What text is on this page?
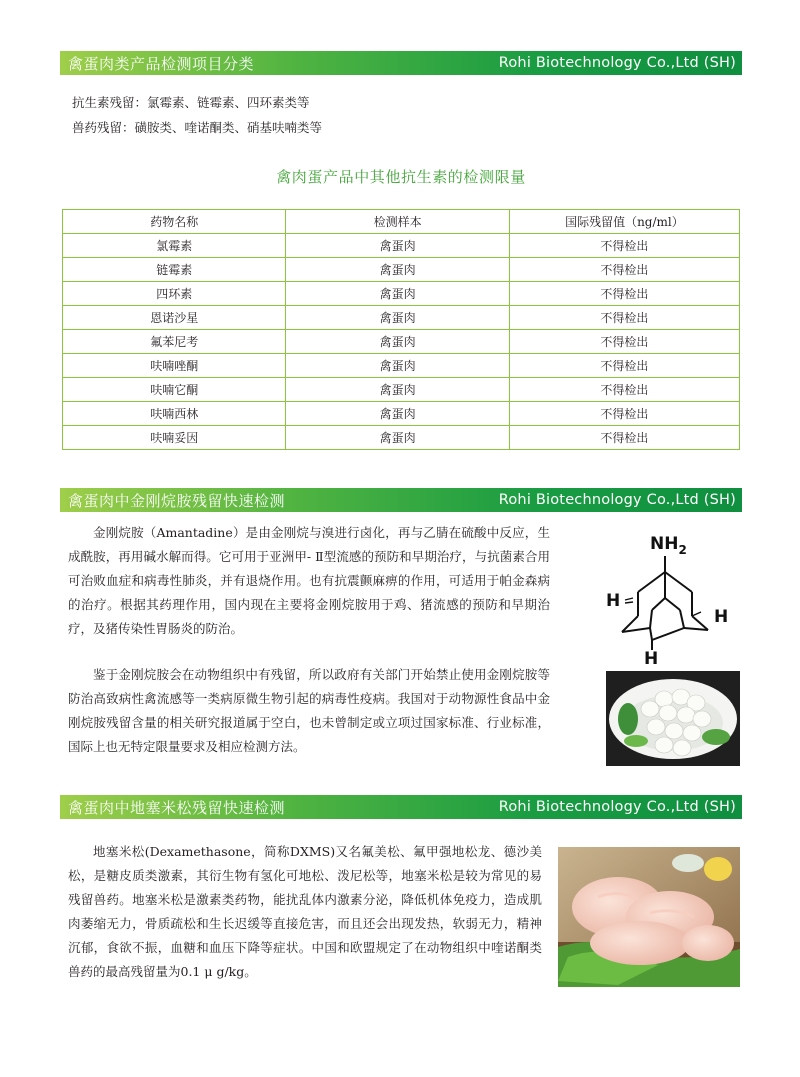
禽蛋肉类产品检测项目分类	Rohi Biotechnology Co.,Ltd (SH)
抗生素残留：氯霉素、链霉素、四环素类等
兽药残留：磺胺类、喹诺酮类、硝基呋喃类等
禽肉蛋产品中其他抗生素的检测限量
药物名称	检测样本	国际残留值（ng/ml）
氯霉素	禽蛋肉	不得检出
链霉素	禽蛋肉	不得检出
四环素	禽蛋肉	不得检出
恩诺沙星	禽蛋肉	不得检出
氟苯尼考	禽蛋肉	不得检出
呋喃唑酮	禽蛋肉	不得检出
呋喃它酮	禽蛋肉	不得检出
呋喃西林	禽蛋肉	不得检出
呋喃妥因	禽蛋肉	不得检出
禽蛋肉中金刚烷胺残留快速检测	Rohi Biotechnology Co.,Ltd (SH)
金刚烷胺（Amantadine）是由金刚烷与溴进行卤化，再与乙腈在硫酸中反应，生成酰胺，再用碱水解而得。它可用于亚洲甲- Ⅱ型流感的预防和早期治疗，与抗菌素合用可治败血症和病毒性肺炎，并有退烧作用。也有抗震颤麻痹的作用，可适用于帕金森病的治疗。根据其药理作用，国内现在主要将金刚烷胺用于鸡、猪流感的预防和早期治疗，及猪传染性胃肠炎的防治。
鉴于金刚烷胺会在动物组织中有残留，所以政府有关部门开始禁止使用金刚烷胺等防治高致病性禽流感等一类病原微生物引起的病毒性疫病。我国对于动物源性食品中金刚烷胺残留含量的相关研究报道属于空白，也未曾制定或立项过国家标准、行业标准，国际上也无特定限量要求及相应检测方法。
$NH_2$
H
H
H
禽蛋肉中地塞米松残留快速检测	Rohi Biotechnology Co.,Ltd (SH)
地塞米松(Dexamethasone，简称DXMS)又名氟美松、氟甲强地松龙、德沙美松，是糖皮质类激素，其衍生物有氢化可地松、泼尼松等，地塞米松是较为常见的易残留兽药。地塞米松是激素类药物，能扰乱体内激素分泌，降低机体免疫力，造成肌肉萎缩无力，骨质疏松和生长迟缓等直接危害，而且还会出现发热，软弱无力，精神沉郁，食欲不振，血糖和血压下降等症状。中国和欧盟规定了在动物组织中喹诺酮类兽药的最高残留量为0.1 μ g/kg。
